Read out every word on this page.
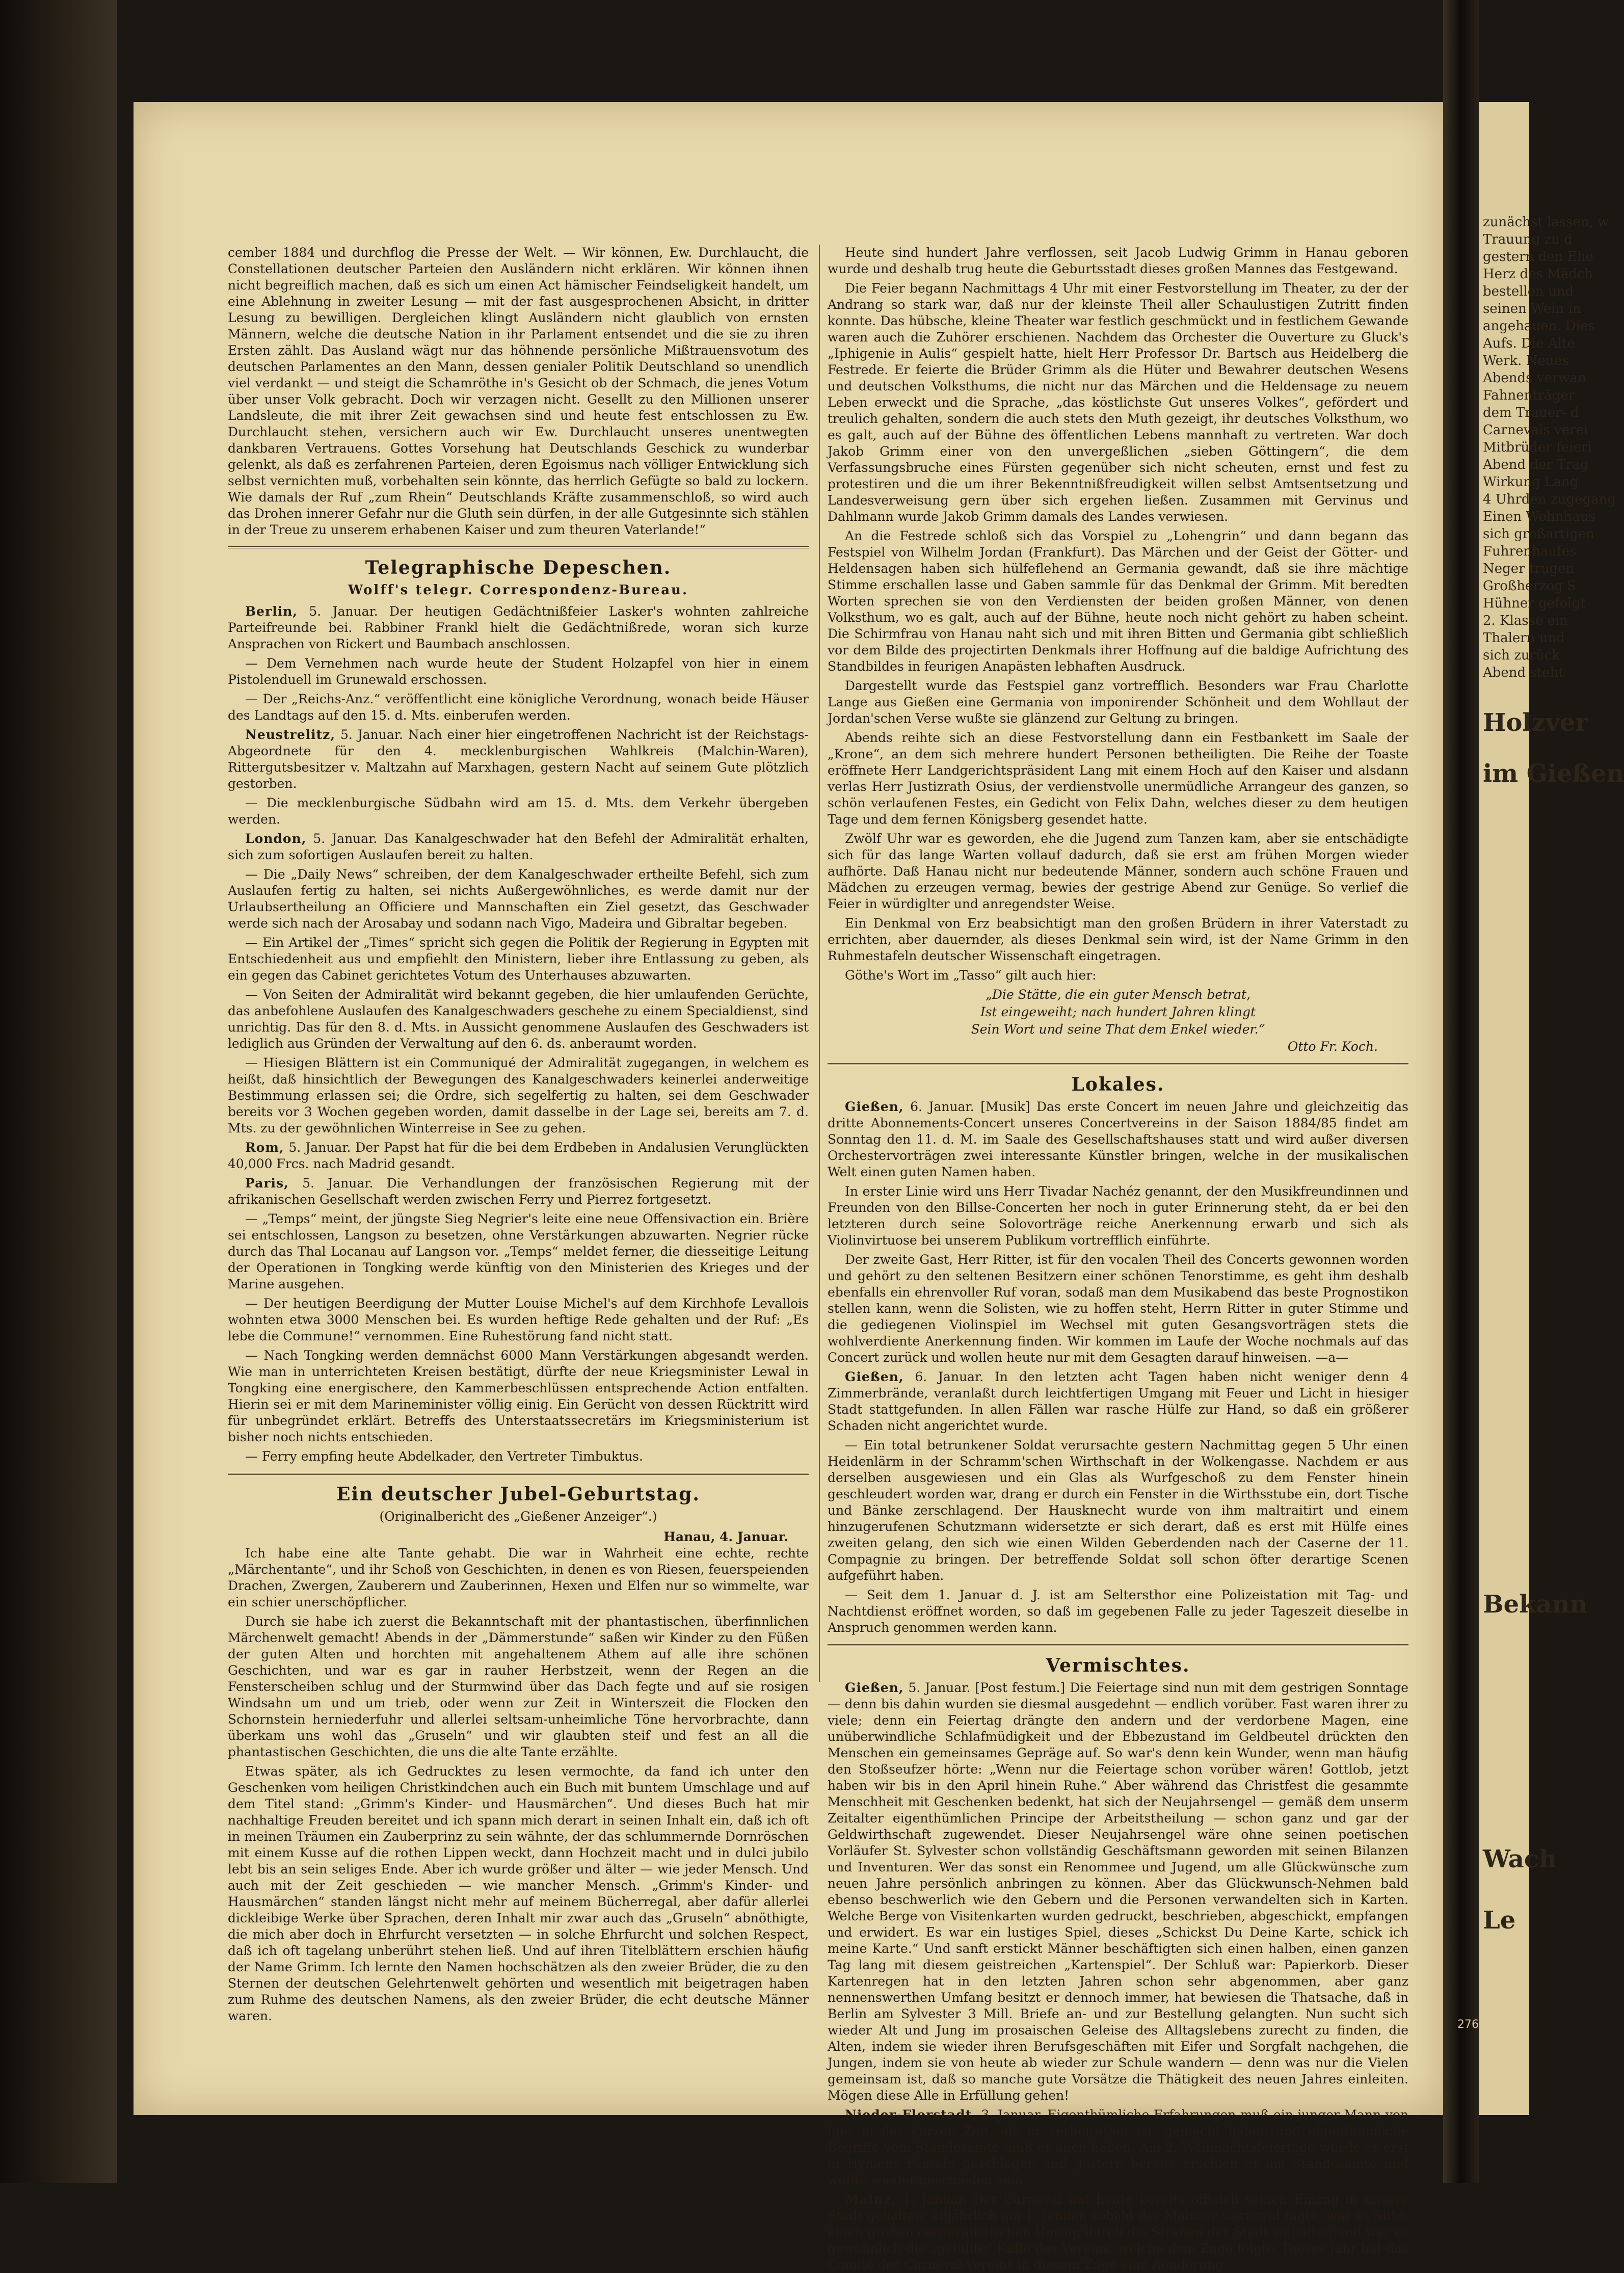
cember 1884 und durchflog die Presse der Welt. — Wir können, Ew. Durchlaucht, die Constellationen deutscher Parteien den Ausländern nicht erklären. Wir können ihnen nicht begreiflich machen, daß es sich um einen Act hämischer Feindseligkeit handelt, um eine Ablehnung in zweiter Lesung — mit der fast ausgesprochenen Absicht, in dritter Lesung zu bewilligen. Dergleichen klingt Ausländern nicht glaublich von ernsten Männern, welche die deutsche Nation in ihr Parlament entsendet und die sie zu ihren Ersten zählt. Das Ausland wägt nur das höhnende persönliche Mißtrauensvotum des deutschen Parlamentes an den Mann, dessen genialer Politik Deutschland so unendlich viel verdankt — und steigt die Schamröthe in's Gesicht ob der Schmach, die jenes Votum über unser Volk gebracht. Doch wir verzagen nicht. Gesellt zu den Millionen unserer Landsleute, die mit ihrer Zeit gewachsen sind und heute fest entschlossen zu Ew. Durchlaucht stehen, versichern auch wir Ew. Durchlaucht unseres unentwegten dankbaren Vertrauens. Gottes Vorsehung hat Deutschlands Geschick zu wunderbar gelenkt, als daß es zerfahrenen Parteien, deren Egoismus nach völliger Entwicklung sich selbst vernichten muß, vorbehalten sein könnte, das herrlich Gefügte so bald zu lockern. Wie damals der Ruf „zum Rhein“ Deutschlands Kräfte zusammenschloß, so wird auch das Drohen innerer Gefahr nur die Gluth sein dürfen, in der alle Gutgesinnte sich stählen in der Treue zu unserem erhabenen Kaiser und zum theuren Vaterlande!“

Telegraphische Depeschen.
Wolff's telegr. Correspondenz-Bureau.

Berlin, 5. Januar. Der heutigen Gedächtnißfeier Lasker's wohnten zahlreiche Parteifreunde bei. Rabbiner Frankl hielt die Gedächtnißrede, woran sich kurze Ansprachen von Rickert und Baumbach anschlossen.

— Dem Vernehmen nach wurde heute der Student Holzapfel von hier in einem Pistolenduell im Grunewald erschossen.

— Der „Reichs-Anz.“ veröffentlicht eine königliche Verordnung, wonach beide Häuser des Landtags auf den 15. d. Mts. einberufen werden.

Neustrelitz, 5. Januar. Nach einer hier eingetroffenen Nachricht ist der Reichstags-Abgeordnete für den 4. mecklenburgischen Wahlkreis (Malchin-Waren), Rittergutsbesitzer v. Maltzahn auf Marxhagen, gestern Nacht auf seinem Gute plötzlich gestorben.

— Die mecklenburgische Südbahn wird am 15. d. Mts. dem Verkehr übergeben werden.

London, 5. Januar. Das Kanalgeschwader hat den Befehl der Admiralität erhalten, sich zum sofortigen Auslaufen bereit zu halten.

— Die „Daily News“ schreiben, der dem Kanalgeschwader ertheilte Befehl, sich zum Auslaufen fertig zu halten, sei nichts Außergewöhnliches, es werde damit nur der Urlaubsertheilung an Officiere und Mannschaften ein Ziel gesetzt, das Geschwader werde sich nach der Arosabay und sodann nach Vigo, Madeira und Gibraltar begeben.

— Ein Artikel der „Times“ spricht sich gegen die Politik der Regierung in Egypten mit Entschiedenheit aus und empfiehlt den Ministern, lieber ihre Entlassung zu geben, als ein gegen das Cabinet gerichtetes Votum des Unterhauses abzuwarten.

— Von Seiten der Admiralität wird bekannt gegeben, die hier umlaufenden Gerüchte, das anbefohlene Auslaufen des Kanalgeschwaders geschehe zu einem Specialdienst, sind unrichtig. Das für den 8. d. Mts. in Aussicht genommene Auslaufen des Geschwaders ist lediglich aus Gründen der Verwaltung auf den 6. ds. anberaumt worden.

— Hiesigen Blättern ist ein Communiqué der Admiralität zugegangen, in welchem es heißt, daß hinsichtlich der Bewegungen des Kanalgeschwaders keinerlei anderweitige Bestimmung erlassen sei; die Ordre, sich segelfertig zu halten, sei dem Geschwader bereits vor 3 Wochen gegeben worden, damit dasselbe in der Lage sei, bereits am 7. d. Mts. zu der gewöhnlichen Winterreise in See zu gehen.

Rom, 5. Januar. Der Papst hat für die bei dem Erdbeben in Andalusien Verunglückten 40,000 Frcs. nach Madrid gesandt.

Paris, 5. Januar. Die Verhandlungen der französischen Regierung mit der afrikanischen Gesellschaft werden zwischen Ferry und Pierrez fortgesetzt.

— „Temps“ meint, der jüngste Sieg Negrier's leite eine neue Offensivaction ein. Brière sei entschlossen, Langson zu besetzen, ohne Verstärkungen abzuwarten. Negrier rücke durch das Thal Locanau auf Langson vor. „Temps“ meldet ferner, die diesseitige Leitung der Operationen in Tongking werde künftig von den Ministerien des Krieges und der Marine ausgehen.

— Der heutigen Beerdigung der Mutter Louise Michel's auf dem Kirchhofe Levallois wohnten etwa 3000 Menschen bei. Es wurden heftige Rede gehalten und der Ruf: „Es lebe die Commune!“ vernommen. Eine Ruhestörung fand nicht statt.

— Nach Tongking werden demnächst 6000 Mann Verstärkungen abgesandt werden. Wie man in unterrichteten Kreisen bestätigt, dürfte der neue Kriegsminister Lewal in Tongking eine energischere, den Kammerbeschlüssen entsprechende Action entfalten. Hierin sei er mit dem Marineminister völlig einig. Ein Gerücht von dessen Rücktritt wird für unbegründet erklärt. Betreffs des Unterstaatssecretärs im Kriegsministerium ist bisher noch nichts entschieden.

— Ferry empfing heute Abdelkader, den Vertreter Timbuktus.

Ein deutscher Jubel-Geburtstag.
(Originalbericht des „Gießener Anzeiger“.)
Hanau, 4. Januar.

Ich habe eine alte Tante gehabt. Die war in Wahrheit eine echte, rechte „Märchentante“, und ihr Schoß von Geschichten, in denen es von Riesen, feuerspeienden Drachen, Zwergen, Zauberern und Zauberinnen, Hexen und Elfen nur so wimmelte, war ein schier unerschöpflicher.

Durch sie habe ich zuerst die Bekanntschaft mit der phantastischen, überfinnlichen Märchenwelt gemacht! Abends in der „Dämmerstunde“ saßen wir Kinder zu den Füßen der guten Alten und horchten mit angehaltenem Athem auf alle ihre schönen Geschichten, und war es gar in rauher Herbstzeit, wenn der Regen an die Fensterscheiben schlug und der Sturmwind über das Dach fegte und auf sie rosigen Windsahn um und um trieb, oder wenn zur Zeit in Winterszeit die Flocken den Schornstein herniederfuhr und allerlei seltsam-unheimliche Töne hervorbrachte, dann überkam uns wohl das „Gruseln“ und wir glaubten steif und fest an all die phantastischen Geschichten, die uns die alte Tante erzählte.

Etwas später, als ich Gedrucktes zu lesen vermochte, da fand ich unter den Geschenken vom heiligen Christkindchen auch ein Buch mit buntem Umschlage und auf dem Titel stand: „Grimm's Kinder- und Hausmärchen“. Und dieses Buch hat mir nachhaltige Freuden bereitet und ich spann mich derart in seinen Inhalt ein, daß ich oft in meinen Träumen ein Zauberprinz zu sein wähnte, der das schlummernde Dornröschen mit einem Kusse auf die rothen Lippen weckt, dann Hochzeit macht und in dulci jubilo lebt bis an sein seliges Ende. Aber ich wurde größer und älter — wie jeder Mensch. Und auch mit der Zeit geschieden — wie mancher Mensch. „Grimm's Kinder- und Hausmärchen“ standen längst nicht mehr auf meinem Bücherregal, aber dafür allerlei dickleibige Werke über Sprachen, deren Inhalt mir zwar auch das „Gruseln“ abnöthigte, die mich aber doch in Ehrfurcht versetzten — in solche Ehrfurcht und solchen Respect, daß ich oft tagelang unberührt stehen ließ. Und auf ihren Titelblättern erschien häufig der Name Grimm. Ich lernte den Namen hochschätzen als den zweier Brüder, die zu den Sternen der deutschen Gelehrtenwelt gehörten und wesentlich mit beigetragen haben zum Ruhme des deutschen Namens, als den zweier Brüder, die echt deutsche Männer waren.

Heute sind hundert Jahre verflossen, seit Jacob Ludwig Grimm in Hanau geboren wurde und deshalb trug heute die Geburtsstadt dieses großen Mannes das Festgewand.

Die Feier begann Nachmittags 4 Uhr mit einer Festvorstellung im Theater, zu der der Andrang so stark war, daß nur der kleinste Theil aller Schaulustigen Zutritt finden konnte. Das hübsche, kleine Theater war festlich geschmückt und in festlichem Gewande waren auch die Zuhörer erschienen. Nachdem das Orchester die Ouverture zu Gluck's „Iphigenie in Aulis“ gespielt hatte, hielt Herr Professor Dr. Bartsch aus Heidelberg die Festrede. Er feierte die Brüder Grimm als die Hüter und Bewahrer deutschen Wesens und deutschen Volksthums, die nicht nur das Märchen und die Heldensage zu neuem Leben erweckt und die Sprache, „das köstlichste Gut unseres Volkes“, gefördert und treulich gehalten, sondern die auch stets den Muth gezeigt, ihr deutsches Volksthum, wo es galt, auch auf der Bühne des öffentlichen Lebens mannhaft zu vertreten. War doch Jakob Grimm einer von den unvergeßlichen „sieben Göttingern“, die dem Verfassungsbruche eines Fürsten gegenüber sich nicht scheuten, ernst und fest zu protestiren und die um ihrer Bekenntnißfreudigkeit willen selbst Amtsentsetzung und Landesverweisung gern über sich ergehen ließen. Zusammen mit Gervinus und Dahlmann wurde Jakob Grimm damals des Landes verwiesen.

An die Festrede schloß sich das Vorspiel zu „Lohengrin“ und dann begann das Festspiel von Wilhelm Jordan (Frankfurt). Das Märchen und der Geist der Götter- und Heldensagen haben sich hülfeflehend an Germania gewandt, daß sie ihre mächtige Stimme erschallen lasse und Gaben sammle für das Denkmal der Grimm. Mit beredten Worten sprechen sie von den Verdiensten der beiden großen Männer, von denen Volksthum, wo es galt, auch auf der Bühne, heute noch nicht gehört zu haben scheint. Die Schirmfrau von Hanau naht sich und mit ihren Bitten und Germania gibt schließlich vor dem Bilde des projectirten Denkmals ihrer Hoffnung auf die baldige Aufrichtung des Standbildes in feurigen Anapästen lebhaften Ausdruck.

Dargestellt wurde das Festspiel ganz vortrefflich. Besonders war Frau Charlotte Lange aus Gießen eine Germania von imponirender Schönheit und dem Wohllaut der Jordan'schen Verse wußte sie glänzend zur Geltung zu bringen.

Abends reihte sich an diese Festvorstellung dann ein Festbankett im Saale der „Krone“, an dem sich mehrere hundert Personen betheiligten. Die Reihe der Toaste eröffnete Herr Landgerichtspräsident Lang mit einem Hoch auf den Kaiser und alsdann verlas Herr Justizrath Osius, der verdienstvolle unermüdliche Arrangeur des ganzen, so schön verlaufenen Festes, ein Gedicht von Felix Dahn, welches dieser zu dem heutigen Tage und dem fernen Königsberg gesendet hatte.

Zwölf Uhr war es geworden, ehe die Jugend zum Tanzen kam, aber sie entschädigte sich für das lange Warten vollauf dadurch, daß sie erst am frühen Morgen wieder aufhörte. Daß Hanau nicht nur bedeutende Männer, sondern auch schöne Frauen und Mädchen zu erzeugen vermag, bewies der gestrige Abend zur Genüge. So verlief die Feier in würdiglter und anregendster Weise.

Ein Denkmal von Erz beabsichtigt man den großen Brüdern in ihrer Vaterstadt zu errichten, aber dauernder, als dieses Denkmal sein wird, ist der Name Grimm in den Ruhmestafeln deutscher Wissenschaft eingetragen.

Göthe's Wort im „Tasso“ gilt auch hier:

„Die Stätte, die ein guter Mensch betrat,
Ist eingeweiht; nach hundert Jahren klingt
Sein Wort und seine That dem Enkel wieder.“
Otto Fr. Koch.
Lokales.

Gießen, 6. Januar. [Musik] Das erste Concert im neuen Jahre und gleichzeitig das dritte Abonnements-Concert unseres Concertvereins in der Saison 1884/85 findet am Sonntag den 11. d. M. im Saale des Gesellschaftshauses statt und wird außer diversen Orchestervorträgen zwei interessante Künstler bringen, welche in der musikalischen Welt einen guten Namen haben.

In erster Linie wird uns Herr Tivadar Nachéz genannt, der den Musikfreundinnen und Freunden von den Billse-Concerten her noch in guter Erinnerung steht, da er bei den letzteren durch seine Solovorträge reiche Anerkennung erwarb und sich als Violinvirtuose bei unserem Publikum vortrefflich einführte.

Der zweite Gast, Herr Ritter, ist für den vocalen Theil des Concerts gewonnen worden und gehört zu den seltenen Besitzern einer schönen Tenorstimme, es geht ihm deshalb ebenfalls ein ehrenvoller Ruf voran, sodaß man dem Musikabend das beste Prognostikon stellen kann, wenn die Solisten, wie zu hoffen steht, Herrn Ritter in guter Stimme und die gediegenen Violinspiel im Wechsel mit guten Gesangsvorträgen stets die wohlverdiente Anerkennung finden. Wir kommen im Laufe der Woche nochmals auf das Concert zurück und wollen heute nur mit dem Gesagten darauf hinweisen. —a—

Gießen, 6. Januar. In den letzten acht Tagen haben nicht weniger denn 4 Zimmerbrände, veranlaßt durch leichtfertigen Umgang mit Feuer und Licht in hiesiger Stadt stattgefunden. In allen Fällen war rasche Hülfe zur Hand, so daß ein größerer Schaden nicht angerichtet wurde.

— Ein total betrunkener Soldat verursachte gestern Nachmittag gegen 5 Uhr einen Heidenlärm in der Schramm'schen Wirthschaft in der Wolkengasse. Nachdem er aus derselben ausgewiesen und ein Glas als Wurfgeschoß zu dem Fenster hinein geschleudert worden war, drang er durch ein Fenster in die Wirthsstube ein, dort Tische und Bänke zerschlagend. Der Hausknecht wurde von ihm maltraitirt und einem hinzugerufenen Schutzmann widersetzte er sich derart, daß es erst mit Hülfe eines zweiten gelang, den sich wie einen Wilden Geberdenden nach der Caserne der 11. Compagnie zu bringen. Der betreffende Soldat soll schon öfter derartige Scenen aufgeführt haben.

— Seit dem 1. Januar d. J. ist am Seltersthor eine Polizeistation mit Tag- und Nachtdienst eröffnet worden, so daß im gegebenen Falle zu jeder Tageszeit dieselbe in Anspruch genommen werden kann.

Vermischtes.

Gießen, 5. Januar. [Post festum.] Die Feiertage sind nun mit dem gestrigen Sonntage — denn bis dahin wurden sie diesmal ausgedehnt — endlich vorüber. Fast waren ihrer zu viele; denn ein Feiertag drängte den andern und der verdorbene Magen, eine unüberwindliche Schlafmüdigkeit und der Ebbezustand im Geldbeutel drückten den Menschen ein gemeinsames Gepräge auf. So war's denn kein Wunder, wenn man häufig den Stoßseufzer hörte: „Wenn nur die Feiertage schon vorüber wären! Gottlob, jetzt haben wir bis in den April hinein Ruhe.“ Aber während das Christfest die gesammte Menschheit mit Geschenken bedenkt, hat sich der Neujahrsengel — gemäß dem unserm Zeitalter eigenthümlichen Principe der Arbeitstheilung — schon ganz und gar der Geldwirthschaft zugewendet. Dieser Neujahrsengel wäre ohne seinen poetischen Vorläufer St. Sylvester schon vollständig Geschäftsmann geworden mit seinen Bilanzen und Inventuren. Wer das sonst ein Renommee und Jugend, um alle Glückwünsche zum neuen Jahre persönlich anbringen zu können. Aber das Glückwunsch-Nehmen bald ebenso beschwerlich wie den Gebern und die Personen verwandelten sich in Karten. Welche Berge von Visitenkarten wurden gedruckt, beschrieben, abgeschickt, empfangen und erwidert. Es war ein lustiges Spiel, dieses „Schickst Du Deine Karte, schick ich meine Karte.“ Und sanft erstickt Männer beschäftigten sich einen halben, einen ganzen Tag lang mit diesem geistreichen „Kartenspiel“. Der Schluß war: Papierkorb. Dieser Kartenregen hat in den letzten Jahren schon sehr abgenommen, aber ganz nennenswerthen Umfang besitzt er dennoch immer, hat bewiesen die Thatsache, daß in Berlin am Sylvester 3 Mill. Briefe an- und zur Bestellung gelangten. Nun sucht sich wieder Alt und Jung im prosaischen Geleise des Alltagslebens zurecht zu finden, die Alten, indem sie wieder ihren Berufsgeschäften mit Eifer und Sorgfalt nachgehen, die Jungen, indem sie von heute ab wieder zur Schule wandern — denn was nur die Vielen gemeinsam ist, daß so manche gute Vorsätze die Thätigkeit des neuen Jahres einleiten. Mögen diese Alle in Erfüllung gehen!

Nieder-Florstadt, 3. Januar. Eigenthümliche Erfahrungen muß ein junger Mann von hier in der kurzen Zeit, als er verheirathet ist, gemacht haben und eigenthümliche Begriffe vom Standesamte muß er auch haben. Am 2. Weihnachtsfeiertage wurde er erst in Hymens Fesseln geschlagen und gestern bereits erschien er am Standesamte und wollte wieder geschieden sein.

Mainz, 1. Januar. Der Carneval hat heute bereits officiell seinen Einzug in unsere Stadt gehalten; alljährlich am 1. Januar, sobald der Mainzer Carneval tagte, war es Sitte, einen großen carnevalistischen Umzug durch die Straßen der Stadt zu halten und war es gewöhnlich die „gefüllte“ Kaffe des Vereins, welche dem Zuge folgte. Dieses Jahr hat das Comité des Carneval-Vereins in diesem Zuge eine Aenderung

zunächst lassen, w
Trauung zu d
gestern den Ehe
Herz des Mädch
bestellen und
seinen Wein in
angehauen. Dies
Aufs. Die Alte
Werk. Neues
Abends verwan
Fahnenträger
dem Trauer- d
Carnevals verei
Mitbrüder feierl
Abend der Trag
Wirkung Lang
4 Uhrden zugegang
Einen Wohnhaus
sich großartigen
Fuhrenhaufes
Neger trugen
Großherzog S
Hühner gefolgt
2. Klasse ein
Thalern und
sich zurück
Abend steht
Holzver
im Gießen
Bekann
Wach
Le
276
